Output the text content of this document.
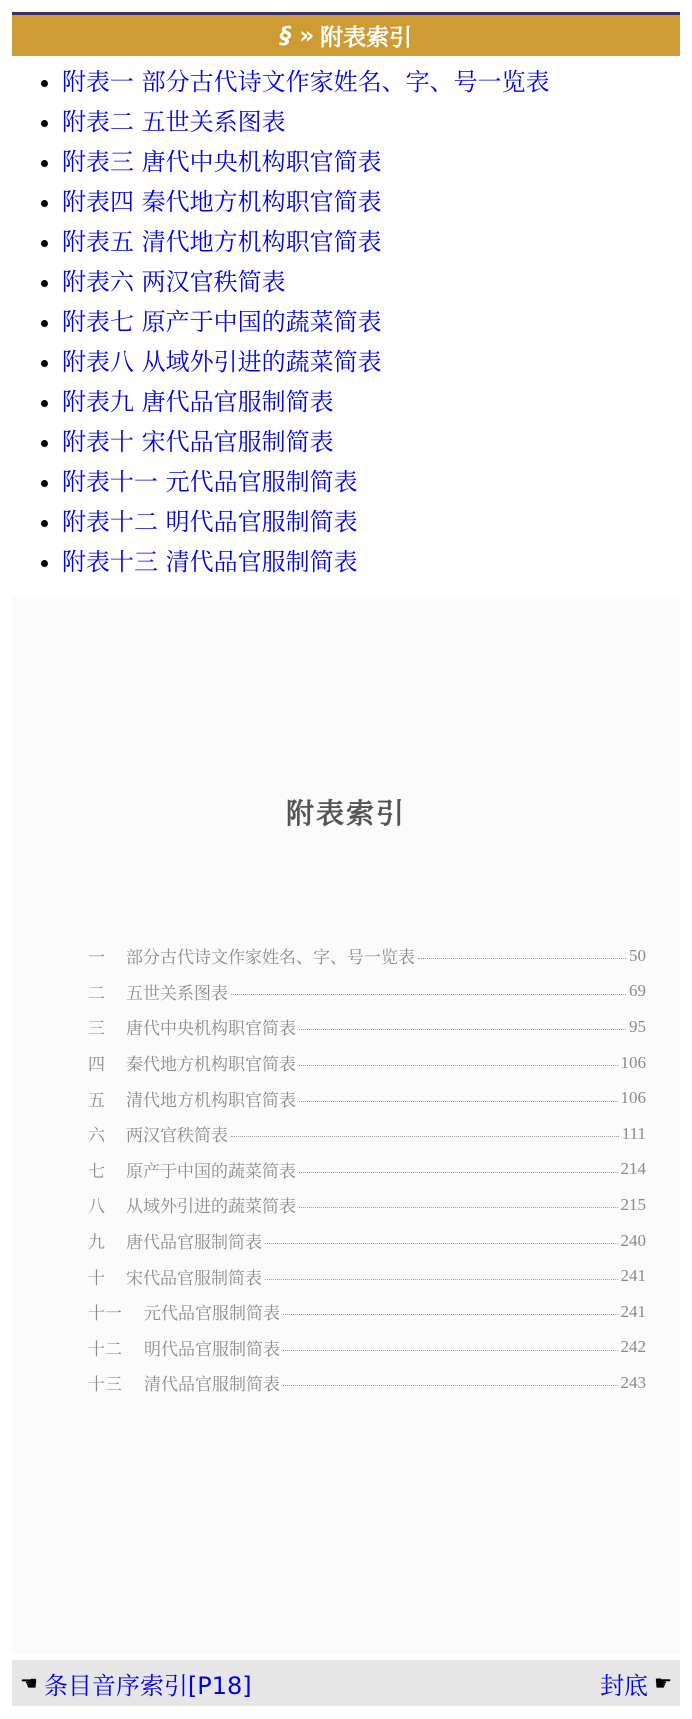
§ » 附表索引
• 附表一 部分古代诗文作家姓名、字、号一览表
• 附表二 五世关系图表
• 附表三 唐代中央机构职官简表
• 附表四 秦代地方机构职官简表
• 附表五 清代地方机构职官简表
• 附表六 两汉官秩简表
• 附表七 原产于中国的蔬菜简表
• 附表八 从域外引进的蔬菜简表
• 附表九 唐代品官服制简表
• 附表十 宋代品官服制简表
• 附表十一 元代品官服制简表
• 附表十二 明代品官服制简表
• 附表十三 清代品官服制简表
附表索引
一	部分古代诗文作家姓名、字、号一览表	50
二	五世关系图表	69
三	唐代中央机构职官简表	95
四	秦代地方机构职官简表	106
五	清代地方机构职官简表	106
六	两汉官秩简表	111
七	原产于中国的蔬菜简表	214
八	从域外引进的蔬菜简表	215
九	唐代品官服制简表	240
十	宋代品官服制简表	241
十一	元代品官服制简表	241
十二	明代品官服制简表	242
十三	清代品官服制简表	243
☚ 条目音序索引[P18]	封底 ☛
